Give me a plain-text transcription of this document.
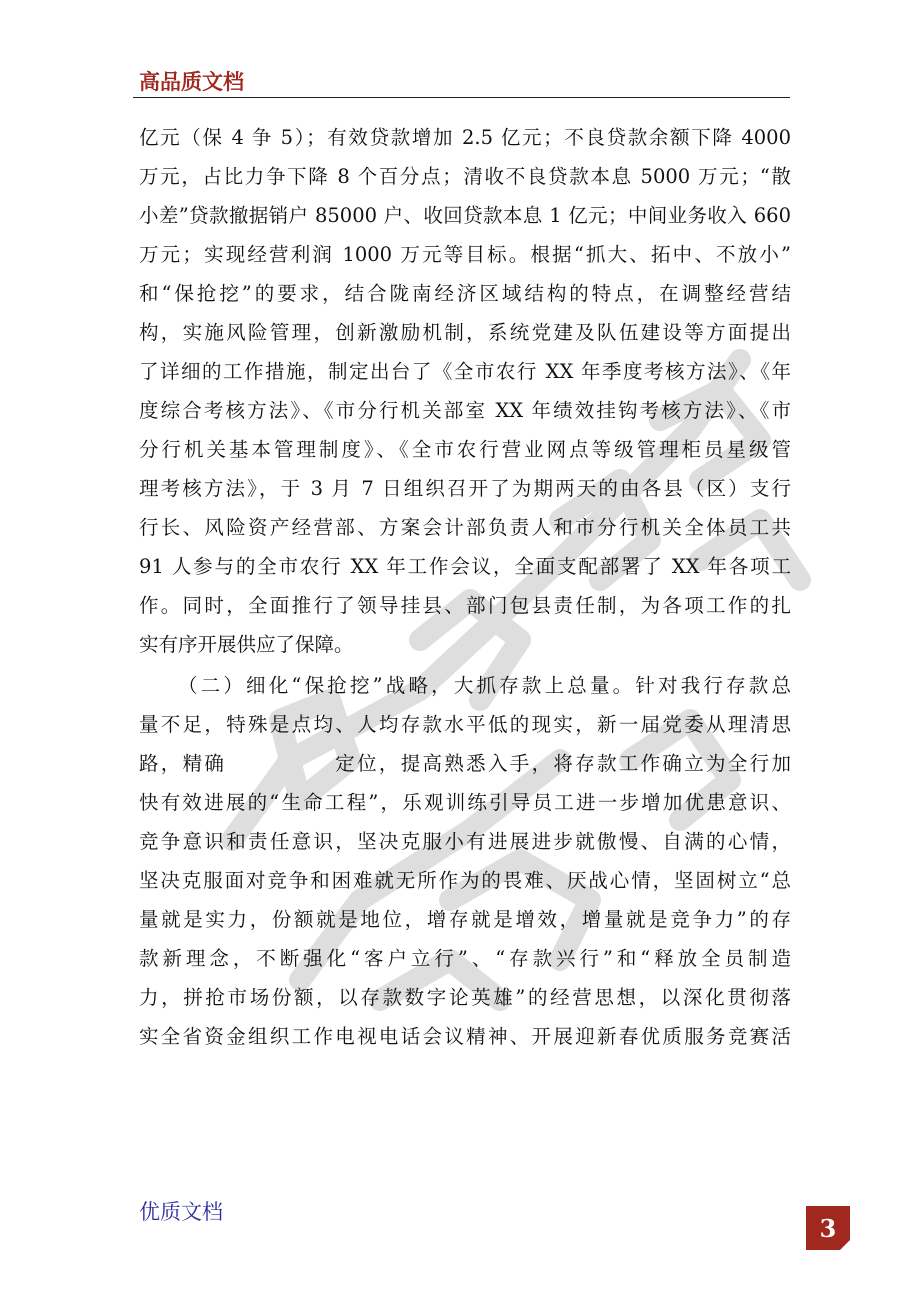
高品质文档
亿元（保 4 争 5）；有效贷款增加 2.5 亿元；不良贷款余额下降 4000
万元，占比力争下降 8 个百分点；清收不良贷款本息 5000 万元；“散
小差”贷款撤据销户 85000 户、收回贷款本息 1 亿元；中间业务收入 660
万元；实现经营利润 1000 万元等目标。根据“抓大、拓中、不放小”
和“保抢挖”的要求，结合陇南经济区域结构的特点，在调整经营结
构，实施风险管理，创新激励机制，系统党建及队伍建设等方面提出
了详细的工作措施，制定出台了《全市农行 XX 年季度考核方法》、《年
度综合考核方法》、《市分行机关部室 XX 年绩效挂钩考核方法》、《市
分行机关基本管理制度》、《全市农行营业网点等级管理柜员星级管
理考核方法》，于 3 月 7 日组织召开了为期两天的由各县（区）支行
行长、风险资产经营部、方案会计部负责人和市分行机关全体员工共
91 人参与的全市农行 XX 年工作会议，全面支配部署了 XX 年各项工
作。同时，全面推行了领导挂县、部门包县责任制，为各项工作的扎
实有序开展供应了保障。
（二）细化“保抢挖”战略，大抓存款上总量。针对我行存款总
量不足，特殊是点均、人均存款水平低的现实，新一届党委从理清思
路，精确　　　　　定位，提高熟悉入手，将存款工作确立为全行加
快有效进展的“生命工程”，乐观训练引导员工进一步增加优患意识、
竞争意识和责任意识，坚决克服小有进展进步就傲慢、自满的心情，
坚决克服面对竞争和困难就无所作为的畏难、厌战心情，坚固树立“总
量就是实力，份额就是地位，增存就是增效，增量就是竞争力”的存
款新理念，不断强化“客户立行”、“存款兴行”和“释放全员制造
力，拼抢市场份额，以存款数字论英雄”的经营思想，以深化贯彻落
实全省资金组织工作电视电话会议精神、开展迎新春优质服务竞赛活
优质文档
3
